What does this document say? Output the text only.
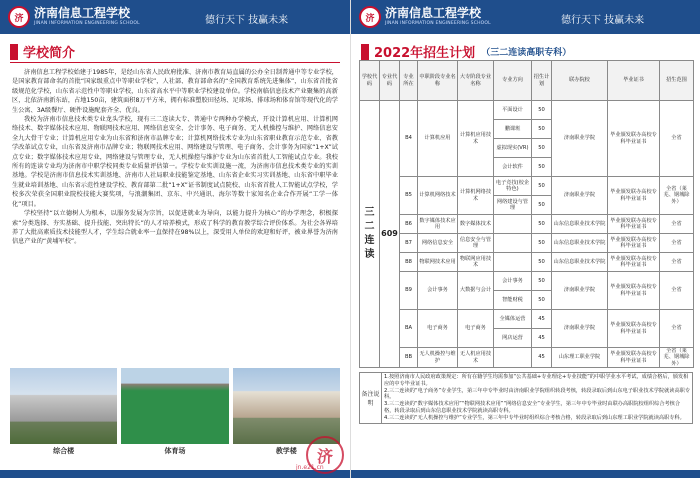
济 济南信息工程学校
JINAN INFORMATION ENGINEERING SCHOOL	德行天下 技赢未来
学校简介

济南信息工程学校始建于1985年，是经山东省人民政府批准、济南市教育局直属的公办全日制普通中等专业学校，是国家教育部命名的首批“国家级重点中等职业学校”，人社部、教育部命名的“全国教育系统先进集体”，山东省首批省级规范化学校，山东省示范性中等职业学校，山东省高水平中等职业学校建设单位。学校南临信息技术产业聚集的高新区，北依济南新东站，占地150亩，建筑面积8万平方米，拥有标准塑胶田径场、足球场、排球场和体育馆等现代化的学生公寓、3A级餐厅、硬件设施配套齐全、优良。

我校为济南市信息技术类专业龙头学校，现有三二连读大专、普通中专两种办学模式，开设计算机应用、计算机网络技术、数字媒体技术应用、物联网技术应用、网络信息安全、会计事务、电子商务、无人机操控与维护、网络信息安全九大骨干专业；计算机应用专业为山东省和济南市品牌专业；计算机网络技术专业为山东省职业教育示范专业、省教学改革试点专业，山东省及济南市品牌专业；物联网技术应用、网络建设与管理、电子商务、会计事务为国家“1+X”试点专业；数字媒体技术应用专业，网络建设与管理专业，无人机操控与维护专业为山东省首批人工智能试点专业。我校所有的连读专业均为济南市中职学校同类专业质量评估第一。学校专业实训设施一流，为济南市信息技术类专业的实训基地。学校是济南市信息技术实训基地、济南市人社局职业技能鉴定基地、山东省企业实习实训基地、山东省中职毕业生就业培训基地、山东省示范性建设学校、教育部第二批“1+X”证书制度试点院校、山东省首批人工智能试点学校，学校多次荣获全国职业院校技能大赛奖项，与浪潮集团、京东、中兴通讯、海尔等数十家知名企业合作开展“工学一体化”项目。

学校坚持“以立德树人为根本，以服务发展为宗旨，以促进就业为导向，以能力提升为核心”的办学理念，积极探索“分类选择、夯实基础、提升技能、突出特长”的人才培养模式，形成了科学的教育教学综合评价体系。为社会各界培养了大批高素质技术技能型人才，学生综合就业率一直保持在98%以上，深受用人单位的欢迎和好评，被业界誉为济南信息产业的“黄埔军校”。

综合楼	体育场	教学楼
济 济南信息工程学校
JINAN INFORMATION ENGINEERING SCHOOL	德行天下 技赢未来
2022年招生计划 （三二连读高职专科）
学校代码	专业代码	专业所在	中职阶段专业名称	大专阶段专业名称	专业方向	招生计划	联办院校	毕业证书	招生范围
三二连读	609	B4	计算机应用	计算机应用技术	平面设计	50	济南职业学院	毕业颁发联办高校专科毕业证书	全省
					鹏课班	50			
					虚拟现实(VR)	50			
					会计软件	50			
		B5	计算机网络技术	计算机网络技术	电子竞技(校企特色)	50	济南职业学院	毕业颁发联办高校专科毕业证书	全省（莱芜、钢城除外）
					网络建设与管理	50			
		B6	数字媒体技术应用	数字媒体技术		50	山东信息职业技术学院	毕业颁发联办高校专科毕业证书	全省
		B7	网络信息安全	信息安全与管理		50	山东信息职业技术学院	毕业颁发联办高校专科毕业证书	全省
		B8	物联网技术应用	物联网应用技术		50	山东信息职业技术学院	毕业颁发联办高校专科毕业证书	全省
		B9	会计事务	大数据与会计	会计事务	50	济南职业学院	毕业颁发联办高校专科毕业证书	全省
					智能财税	50			
		BA	电子商务	电子商务	全媒体运营	45	济南职业学院	毕业颁发联办高校专科毕业证书	全省
					网店运营	45			
		BB	无人机操控与维护	无人机应用技术		45	山东理工职业学院	毕业颁发联办高校专科毕业证书	全省（莱芜、钢城除外）
备注说明
1.按照济南市人民政府政策规定：所有在籍学生均需参加“公共基础+专业理论+专业技能”的中职学业水平考试，成绩合格后，颁发相应的中专毕业证书。
2.三二连读的“电子商务”专业学生，第三年中专毕业时由济南职业学院组织转段考核，转段录取后到山东电子职业技术学院就读高职专科。
3.三二连读的“数字媒体技术应用”“物联网技术应用”“网络信息安全”专业学生，第三年中专毕业时由联办高职院校组织综合考核合格，转段录取后到山东信息职业技术学院就读高职专科。
4.三二连读的“无人机操控与维护”专业学生，第三年中专毕业时组织综合考核合格，转段录取后到山东理工职业学院就读高职专科。
济
jn.e21.cn
